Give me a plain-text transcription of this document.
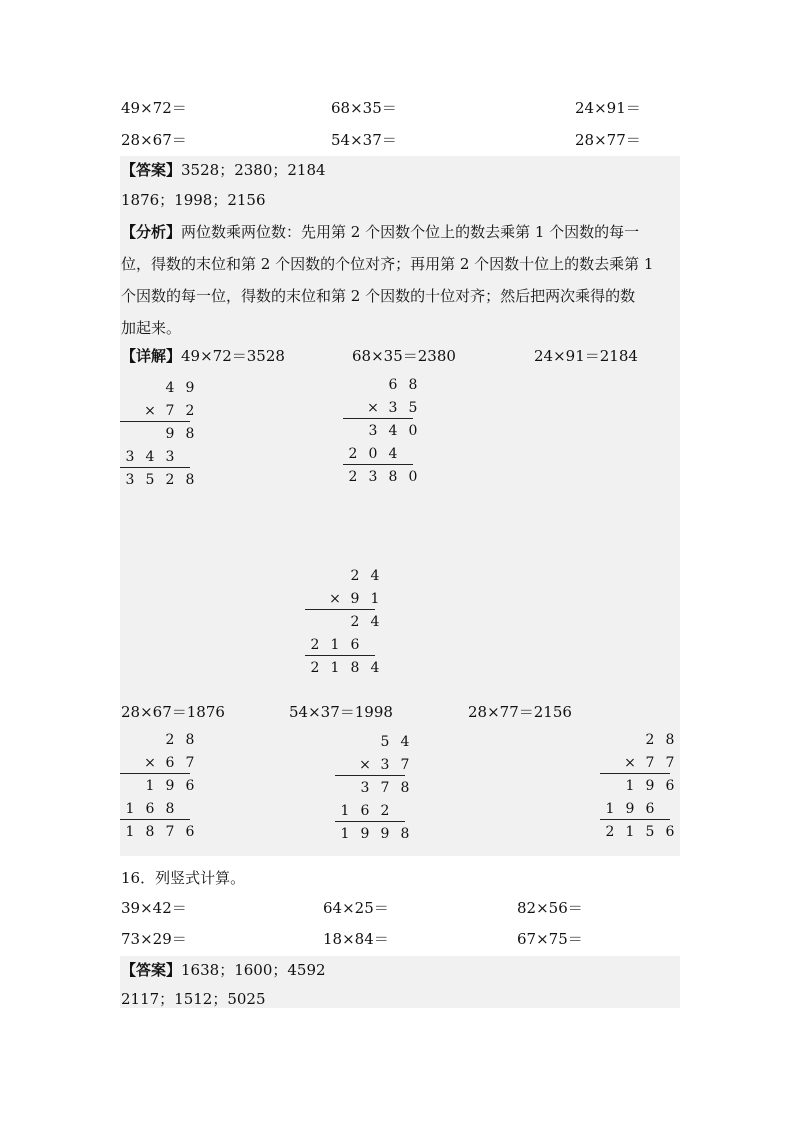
49×72＝	68×35＝	24×91＝
28×67＝	54×37＝	28×77＝
【答案】3528；2380；2184
1876；1998；2156
【分析】两位数乘两位数：先用第 2 个因数个位上的数去乘第 1 个因数的每一
位，得数的末位和第 2 个因数的个位对齐；再用第 2 个因数十位上的数去乘第 1
个因数的每一位，得数的末位和第 2 个因数的十位对齐；然后把两次乘得的数
加起来。
【详解】49×72＝3528	68×35＝2380	24×91＝2184
4 9
× 7 2
9 8
3 4 3
3 5 2 8
6 8
× 3 5
3 4 0
2 0 4
2 3 8 0
2 4
× 9 1
2 4
2 1 6
2 1 8 4
28×67＝1876	54×37＝1998	28×77＝2156
2 8
× 6 7
1 9 6
1 6 8
1 8 7 6
5 4
× 3 7
3 7 8
1 6 2
1 9 9 8
2 8
× 7 7
1 9 6
1 9 6
2 1 5 6
16．列竖式计算。
39×42＝	64×25＝	82×56＝
73×29＝	18×84＝	67×75＝
【答案】1638；1600；4592
2117；1512；5025
